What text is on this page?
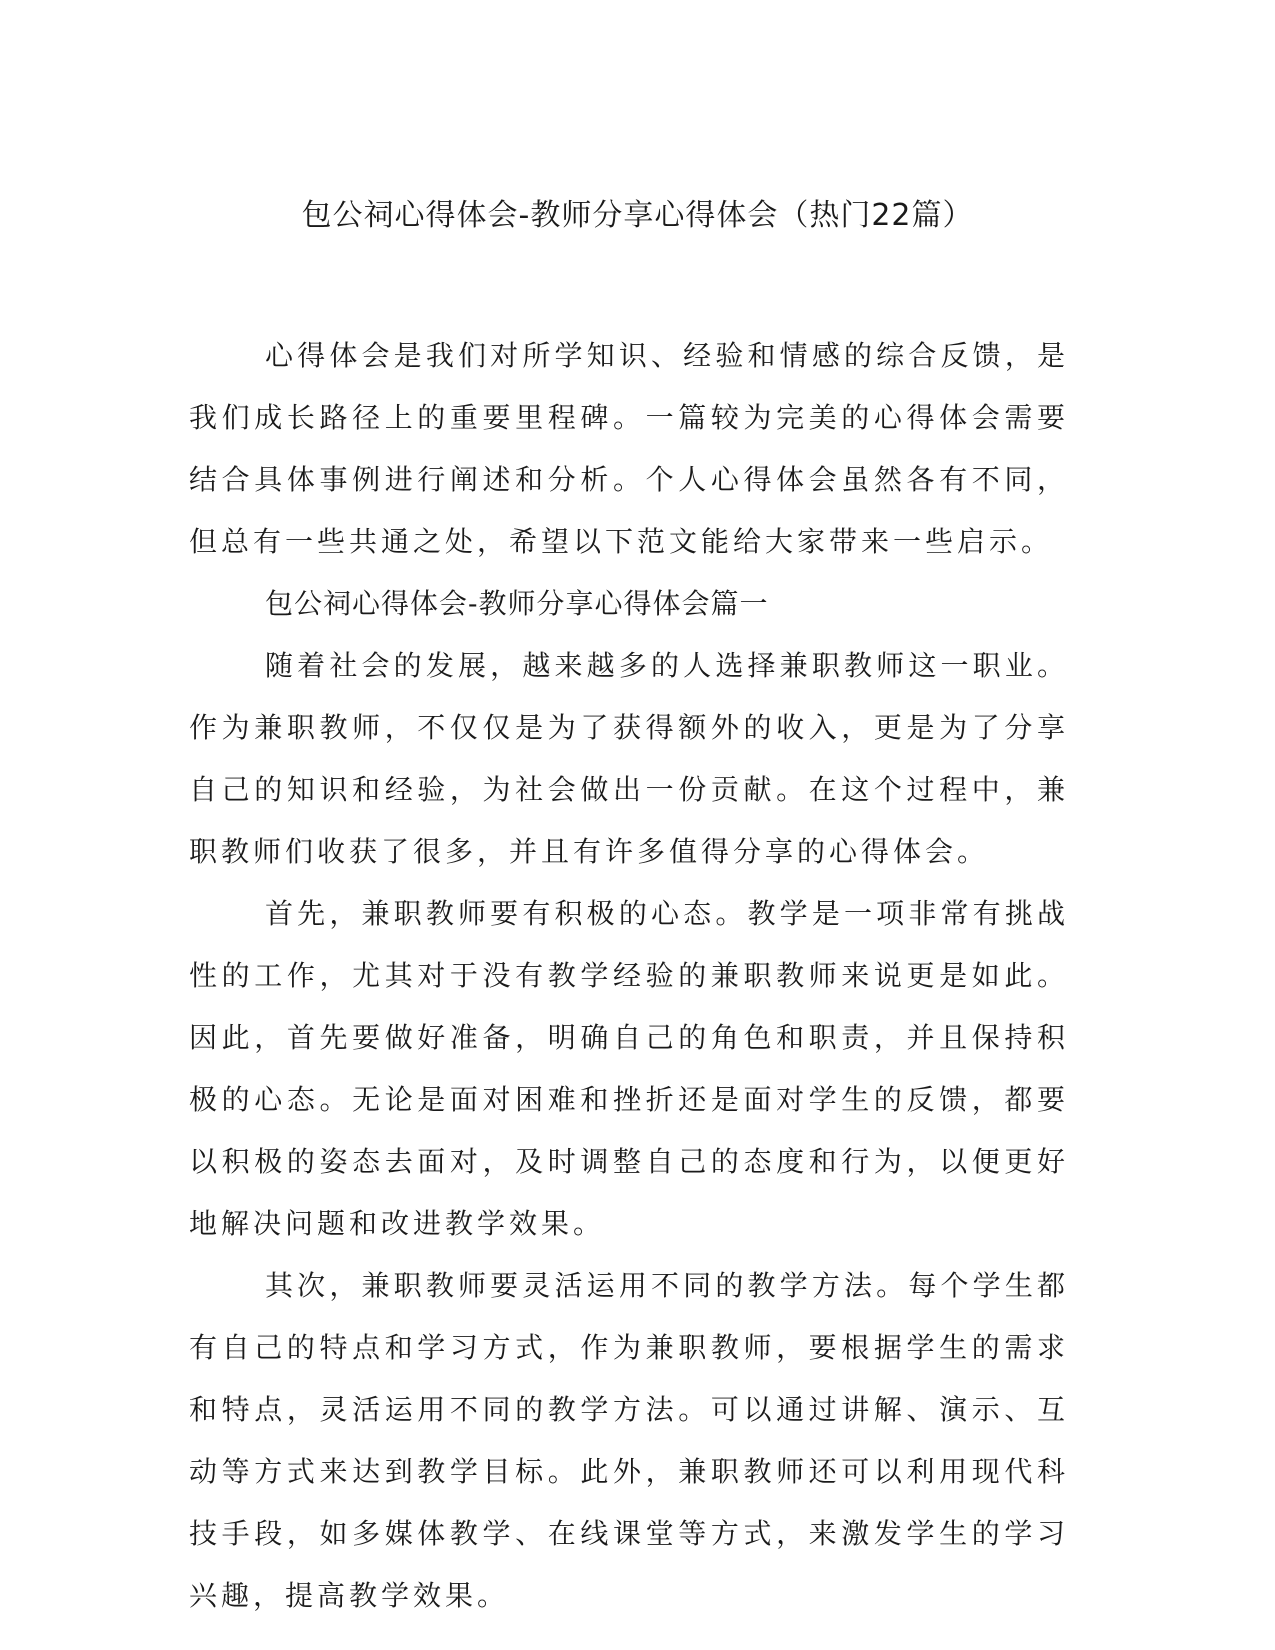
包公祠心得体会-教师分享心得体会（热门22篇）

心得体会是我们对所学知识、经验和情感的综合反馈，是我们成长路径上的重要里程碑。一篇较为完美的心得体会需要结合具体事例进行阐述和分析。个人心得体会虽然各有不同，但总有一些共通之处，希望以下范文能给大家带来一些启示。

包公祠心得体会-教师分享心得体会篇一

随着社会的发展，越来越多的人选择兼职教师这一职业。作为兼职教师，不仅仅是为了获得额外的收入，更是为了分享自己的知识和经验，为社会做出一份贡献。在这个过程中，兼职教师们收获了很多，并且有许多值得分享的心得体会。

首先，兼职教师要有积极的心态。教学是一项非常有挑战性的工作，尤其对于没有教学经验的兼职教师来说更是如此。因此，首先要做好准备，明确自己的角色和职责，并且保持积极的心态。无论是面对困难和挫折还是面对学生的反馈，都要以积极的姿态去面对，及时调整自己的态度和行为，以便更好地解决问题和改进教学效果。

其次，兼职教师要灵活运用不同的教学方法。每个学生都有自己的特点和学习方式，作为兼职教师，要根据学生的需求和特点，灵活运用不同的教学方法。可以通过讲解、演示、互动等方式来达到教学目标。此外，兼职教师还可以利用现代科技手段，如多媒体教学、在线课堂等方式，来激发学生的学习兴趣，提高教学效果。
